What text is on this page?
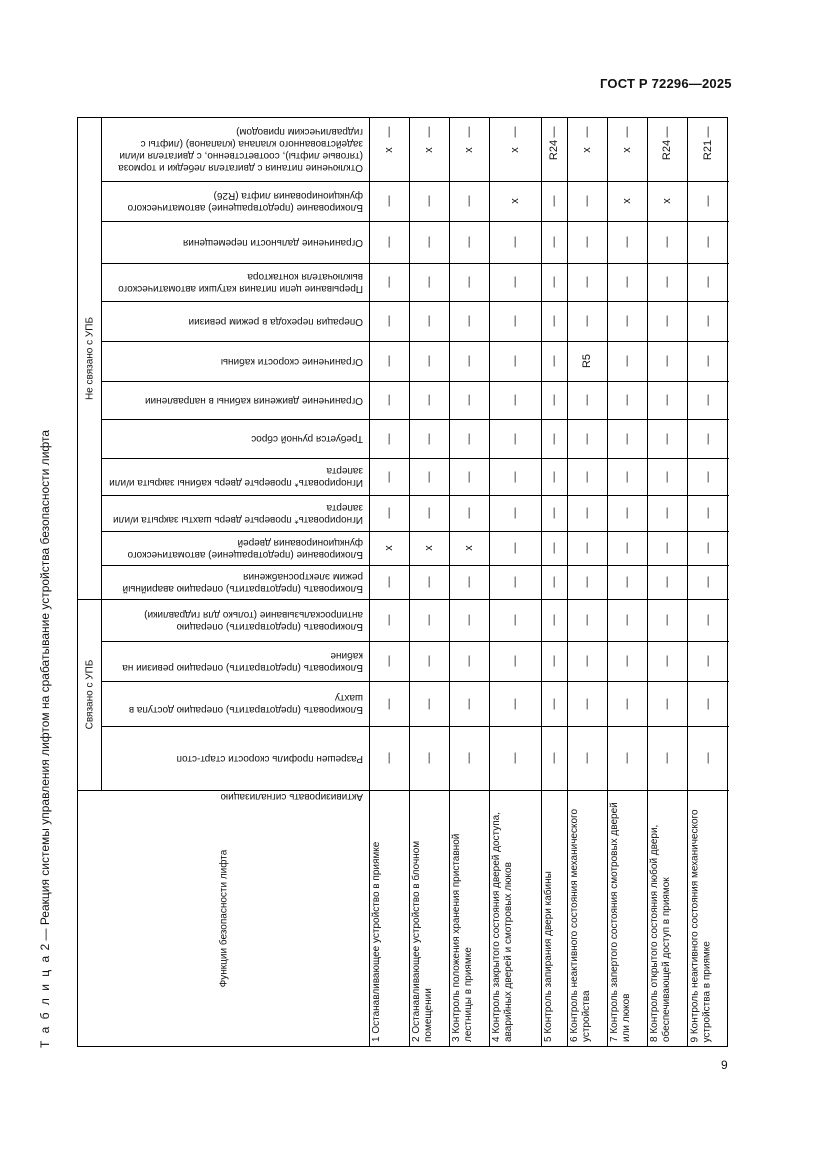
ГОСТ Р 72296—2025
Т а б л и ц а 2 — Реакция системы управления лифтом на срабатывание устройства безопасности лифта	Связано с УПБ
Не связано с УПБ
Функции безопасности лифта
Отключение питания с двигателя лебедки и тормоза (тяговые лифты), соответственно, с двигателя и/или задействованного клапана (клапанов) (лифты с гидравлическим приводом)
Блокирование (предотвращение) автоматического функционирования лифта (R26)
Ограничение дальности перемещения
Прерывание цепи питания катушки автоматического выключателя контактора
Операция перехода в режим ревизии
Ограничение скорости кабины
Ограничение движения кабины в направлении
Требуется ручной сброс
Игнорировать* проверьте дверь кабины закрыта и/или заперта
Игнорировать* проверьте дверь шахты закрыта и/или заперта
Блокирование (предотвращение) автоматического функционирования дверей
Блокировать (предотвратить) операцию аварийный режим электроснабжения
Блокировать (предотвратить) операцию антипроскальзывание (только для гидравлики)
Блокировать (предотвратить) операцию ревизии на кабине
Блокировать (предотвратить) операцию доступа в шахту
Разрешен профиль скорости старт-стоп
Активизировать сигнализацию
1 Останавливающее устройство в приямке
x
—
—
—
—
—
—
—
—
—
x
—
—
—
—
—
—
2 Останавливающее устройство в блочном помещении
x
—
—
—
—
—
—
—
—
—
x
—
—
—
—
—
—
3 Контроль положения хранения приставной лестницы в приямке
x
—
—
—
—
—
—
—
—
—
x
—
—
—
—
—
—
4 Контроль закрытого состояния дверей доступа, аварийных дверей и смотровых люков
x
x
—
—
—
—
—
—
—
—
—
—
—
—
—
—
—
5 Контроль запирания двери кабины
R24
—
—
—
—
—
—
—
—
—
—
—
—
—
—
—
—
6 Контроль неактивного состояния механического устройства
x
—
—
—
—
R5
—
—
—
—
—
—
—
—
—
—
—
7 Контроль запертого состояния смотровых дверей или люков
x
x
—
—
—
—
—
—
—
—
—
—
—
—
—
—
—
8 Контроль открытого состояния любой двери, обеспечивающей доступ в приямок
R24
x
—
—
—
—
—
—
—
—
—
—
—
—
—
—
—
9 Контроль неактивного состояния механического устройства в приямке
R21
—
—
—
—
—
—
—
—
—
—
—
—
—
—
—
—
9
